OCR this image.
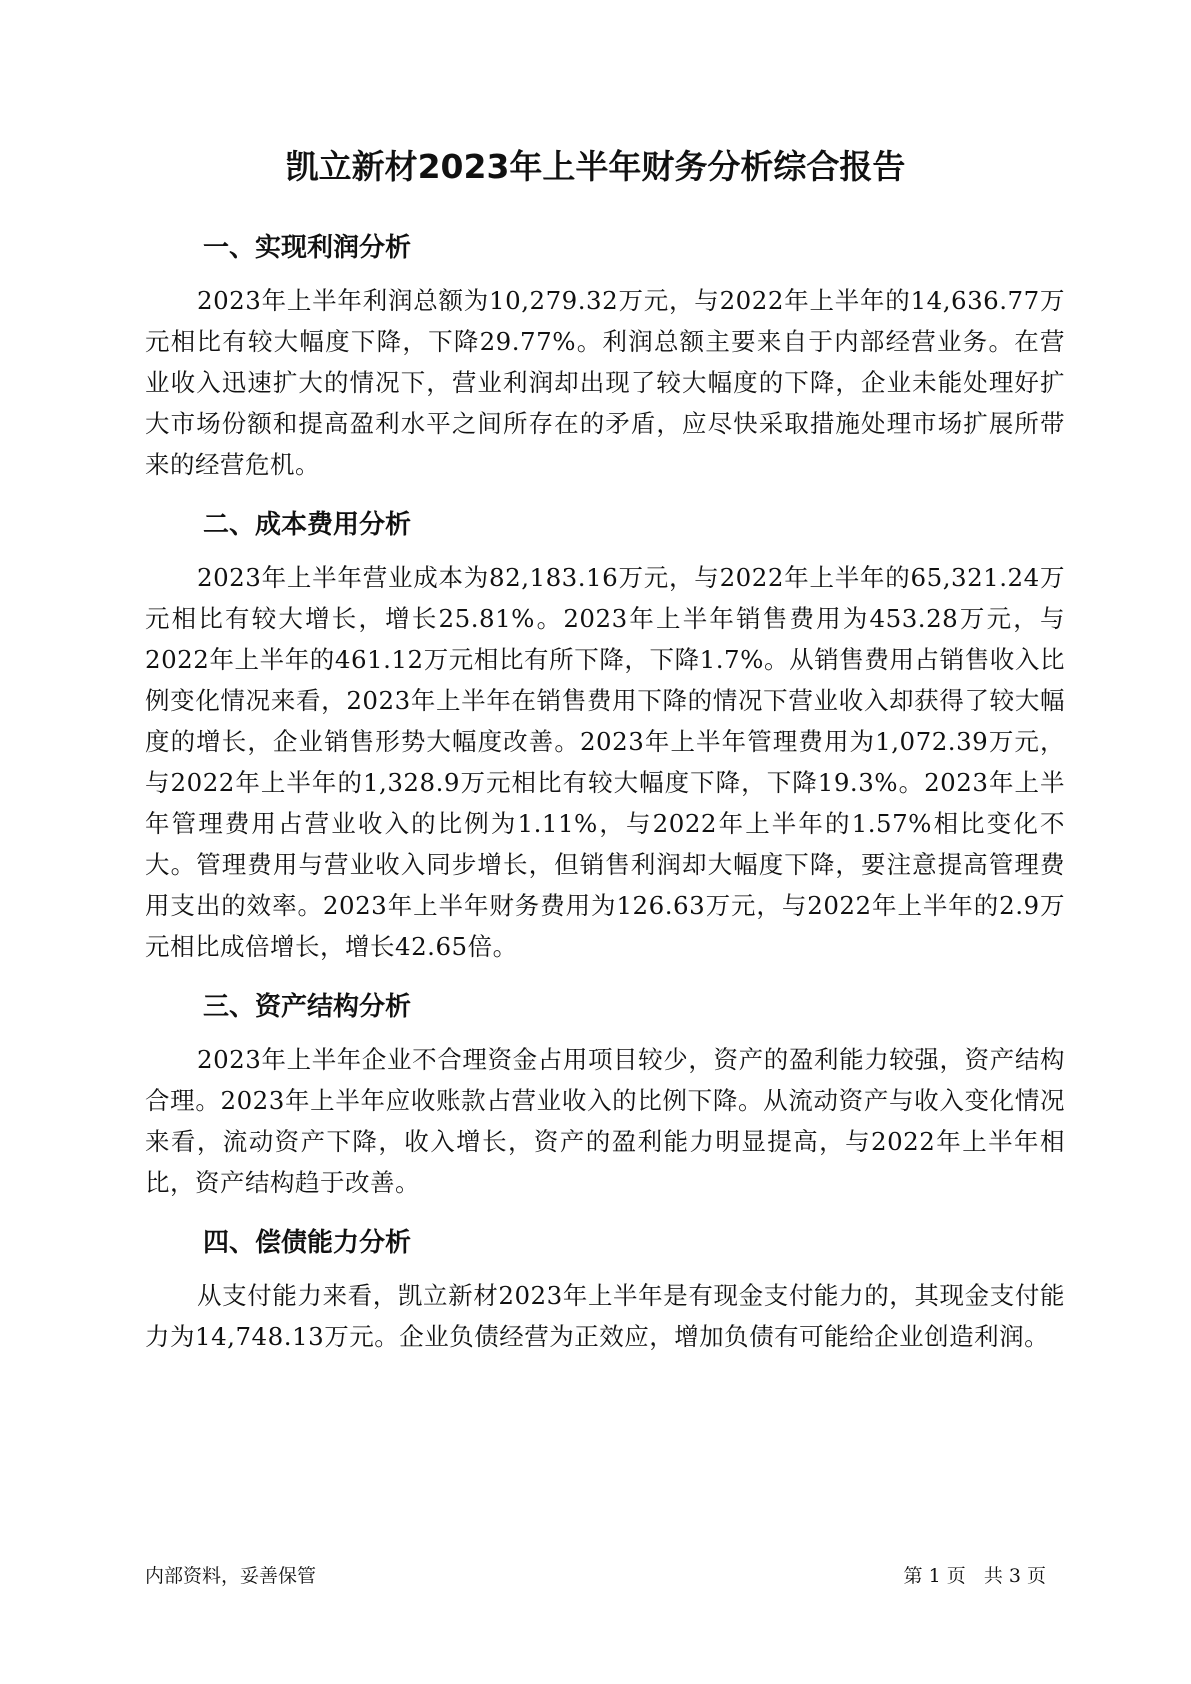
凯立新材2023年上半年财务分析综合报告
一、实现利润分析

2023年上半年利润总额为10,279.32万元，与2022年上半年的14,636.77万元相比有较大幅度下降，下降29.77%。利润总额主要来自于内部经营业务。在营业收入迅速扩大的情况下，营业利润却出现了较大幅度的下降，企业未能处理好扩大市场份额和提高盈利水平之间所存在的矛盾，应尽快采取措施处理市场扩展所带来的经营危机。

二、成本费用分析

2023年上半年营业成本为82,183.16万元，与2022年上半年的65,321.24万元相比有较大增长，增长25.81%。2023年上半年销售费用为453.28万元，与2022年上半年的461.12万元相比有所下降，下降1.7%。从销售费用占销售收入比例变化情况来看，2023年上半年在销售费用下降的情况下营业收入却获得了较大幅度的增长，企业销售形势大幅度改善。2023年上半年管理费用为1,072.39万元，与2022年上半年的1,328.9万元相比有较大幅度下降，下降19.3%。2023年上半年管理费用占营业收入的比例为1.11%，与2022年上半年的1.57%相比变化不大。管理费用与营业收入同步增长，但销售利润却大幅度下降，要注意提高管理费用支出的效率。2023年上半年财务费用为126.63万元，与2022年上半年的2.9万元相比成倍增长，增长42.65倍。

三、资产结构分析

2023年上半年企业不合理资金占用项目较少，资产的盈利能力较强，资产结构合理。2023年上半年应收账款占营业收入的比例下降。从流动资产与收入变化情况来看，流动资产下降，收入增长，资产的盈利能力明显提高，与2022年上半年相比，资产结构趋于改善。

四、偿债能力分析

从支付能力来看，凯立新材2023年上半年是有现金支付能力的，其现金支付能力为14,748.13万元。企业负债经营为正效应，增加负债有可能给企业创造利润。

内部资料，妥善保管	第 1 页   共 3 页
